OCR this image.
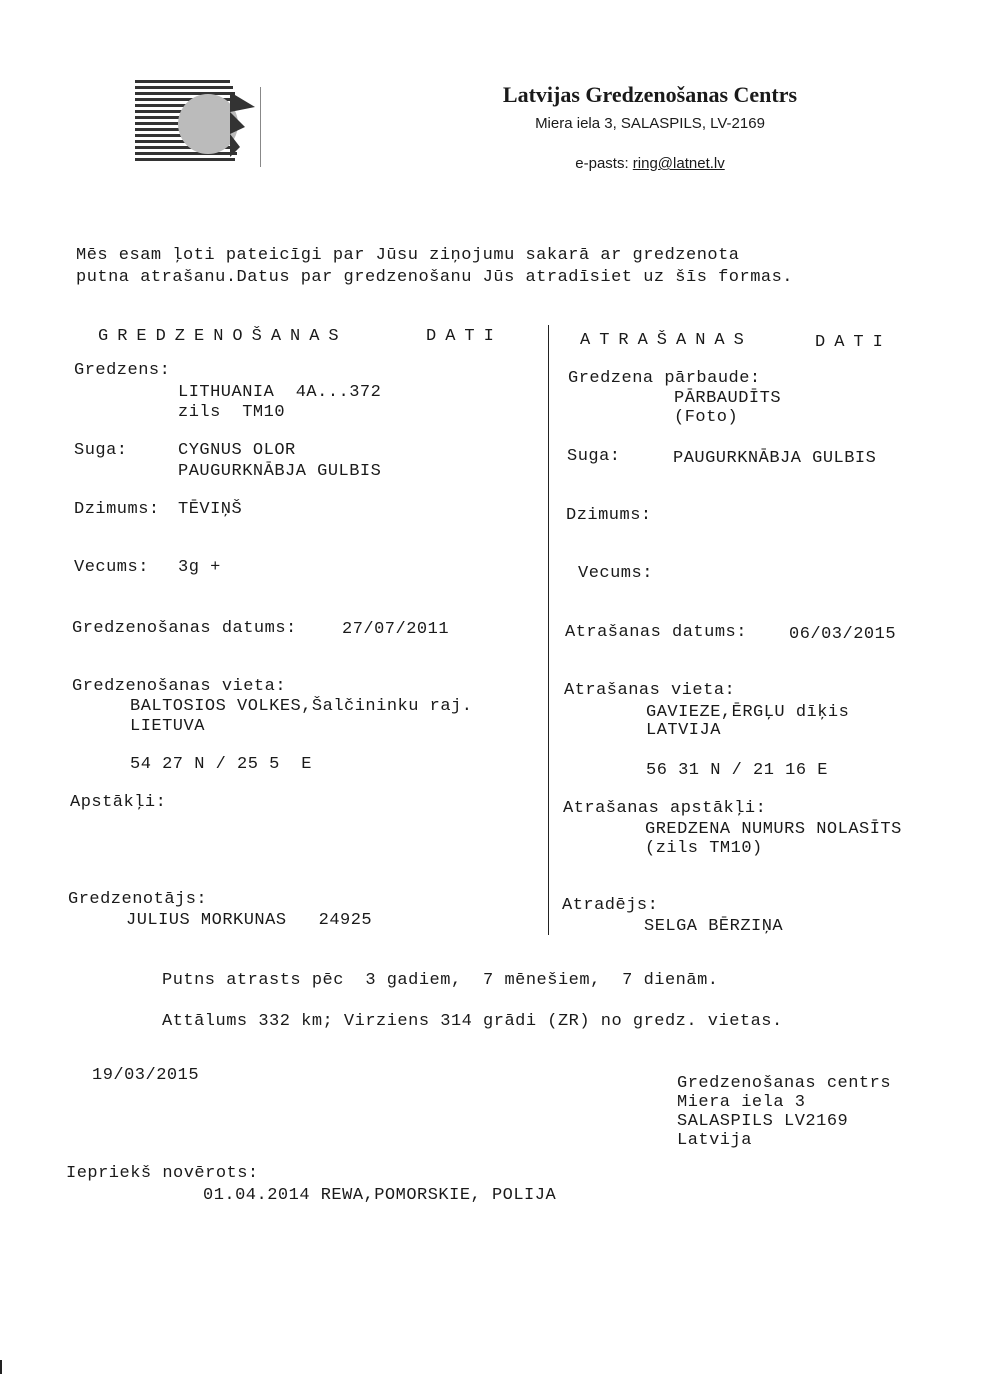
Latvijas Gredzenošanas Centrs
Miera iela 3, SALASPILS, LV-2169
e-pasts: ring@latnet.lv
Mēs esam ļoti pateicīgi par Jūsu ziņojumu sakarā ar gredzenota
putna atrašanu.Datus par gredzenošanu Jūs atradīsiet uz šīs formas.
GREDZENOŠANAS	DATI
Gredzens:
LITHUANIA  4A...372
zils  TM10
Suga:	CYGNUS OLOR
PAUGURKNĀBJA GULBIS
Dzimums: TĒVIŅŠ
Vecums: 3g +
Gredzenošanas datums:	27/07/2011
Gredzenošanas vieta:
BALTOSIOS VOLKES,Šalčininku raj.
LIETUVA
54 27 N / 25 5  E
Apstākļi:
Gredzenotājs:
JULIUS MORKUNAS   24925
ATRAŠANAS	DATI
Gredzena pārbaude:
PĀRBAUDĪTS
(Foto)
Suga:	PAUGURKNĀBJA GULBIS
Dzimums:
Vecums:
Atrašanas datums: 06/03/2015
Atrašanas vieta:
GAVIEZE,ĒRGĻU dīķis
LATVIJA
56 31 N / 21 16 E
Atrašanas apstākļi:
GREDZENA NUMURS NOLASĪTS
(zils TM10)
Atradējs:
SELGA BĒRZIŅA
Putns atrasts pēc  3 gadiem,  7 mēnešiem,  7 dienām.
Attālums 332 km; Virziens 314 grādi (ZR) no gredz. vietas.
19/03/2015	Gredzenošanas centrs
Miera iela 3
SALASPILS LV2169
Latvija
Iepriekš novērots:
01.04.2014 REWA,POMORSKIE, POLIJA
